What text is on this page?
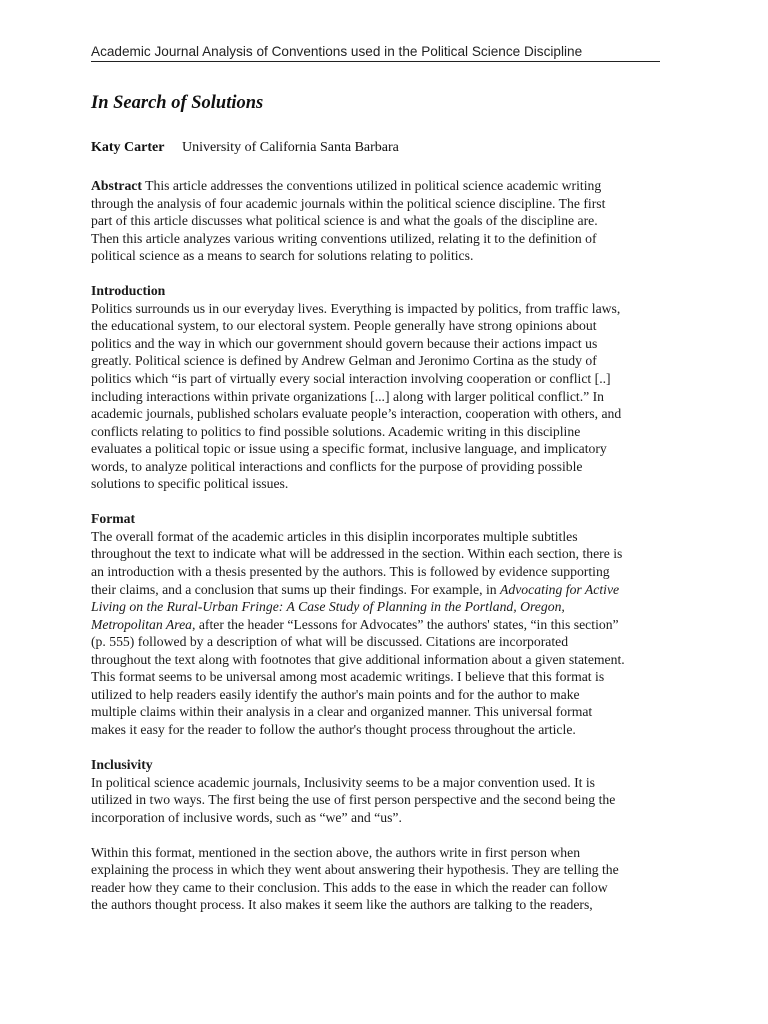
Academic Journal Analysis of Conventions used in the Political Science Discipline
In Search of Solutions
Katy Carter University of California Santa Barbara
Abstract This article addresses the conventions utilized in political science academic writing
through the analysis of four academic journals within the political science discipline. The first
part of this article discusses what political science is and what the goals of the discipline are.
Then this article analyzes various writing conventions utilized, relating it to the definition of
political science as a means to search for solutions relating to politics.
Introduction
Politics surrounds us in our everyday lives. Everything is impacted by politics, from traffic laws,
the educational system, to our electoral system. People generally have strong opinions about
politics and the way in which our government should govern because their actions impact us
greatly. Political science is defined by Andrew Gelman and Jeronimo Cortina as the study of
politics which “is part of virtually every social interaction involving cooperation or conflict [..]
including interactions within private organizations [...] along with larger political conflict.” In
academic journals, published scholars evaluate people’s interaction, cooperation with others, and
conflicts relating to politics to find possible solutions. Academic writing in this discipline
evaluates a political topic or issue using a specific format, inclusive language, and implicatory
words, to analyze political interactions and conflicts for the purpose of providing possible
solutions to specific political issues.
Format
The overall format of the academic articles in this disiplin incorporates multiple subtitles
throughout the text to indicate what will be addressed in the section. Within each section, there is
an introduction with a thesis presented by the authors. This is followed by evidence supporting
their claims, and a conclusion that sums up their findings. For example, in Advocating for Active
Living on the Rural-Urban Fringe: A Case Study of Planning in the Portland, Oregon,
Metropolitan Area, after the header “Lessons for Advocates” the authors' states, “in this section”
(p. 555) followed by a description of what will be discussed. Citations are incorporated
throughout the text along with footnotes that give additional information about a given statement.
This format seems to be universal among most academic writings. I believe that this format is
utilized to help readers easily identify the author's main points and for the author to make
multiple claims within their analysis in a clear and organized manner. This universal format
makes it easy for the reader to follow the author's thought process throughout the article.
Inclusivity
In political science academic journals, Inclusivity seems to be a major convention used. It is
utilized in two ways. The first being the use of first person perspective and the second being the
incorporation of inclusive words, such as “we” and “us”.
Within this format, mentioned in the section above, the authors write in first person when
explaining the process in which they went about answering their hypothesis. They are telling the
reader how they came to their conclusion. This adds to the ease in which the reader can follow
the authors thought process. It also makes it seem like the authors are talking to the readers,
